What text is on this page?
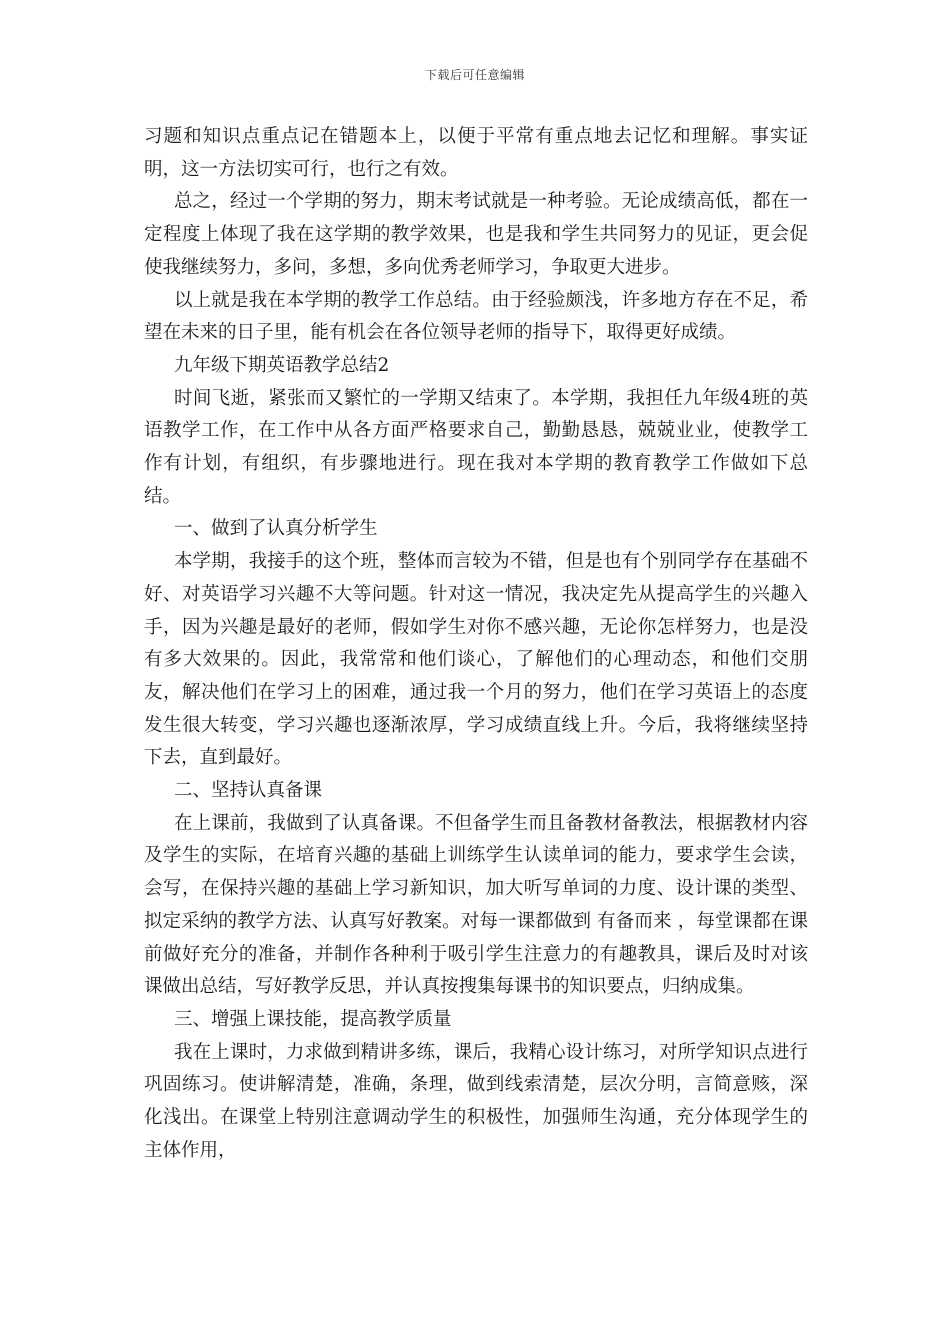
下载后可任意编辑

习题和知识点重点记在错题本上，以便于平常有重点地去记忆和理解。事实证明，这一方法切实可行，也行之有效。

总之，经过一个学期的努力，期末考试就是一种考验。无论成绩高低，都在一定程度上体现了我在这学期的教学效果，也是我和学生共同努力的见证，更会促使我继续努力，多问，多想，多向优秀老师学习，争取更大进步。

以上就是我在本学期的教学工作总结。由于经验颇浅，许多地方存在不足，希望在未来的日子里，能有机会在各位领导老师的指导下，取得更好成绩。

九年级下期英语教学总结2

时间飞逝，紧张而又繁忙的一学期又结束了。本学期，我担任九年级4班的英语教学工作，在工作中从各方面严格要求自己，勤勤恳恳，兢兢业业，使教学工作有计划，有组织，有步骤地进行。现在我对本学期的教育教学工作做如下总结。

一、做到了认真分析学生

本学期，我接手的这个班，整体而言较为不错，但是也有个别同学存在基础不好、对英语学习兴趣不大等问题。针对这一情况，我决定先从提高学生的兴趣入手，因为兴趣是最好的老师，假如学生对你不感兴趣，无论你怎样努力，也是没有多大效果的。因此，我常常和他们谈心，了解他们的心理动态，和他们交朋友，解决他们在学习上的困难，通过我一个月的努力，他们在学习英语上的态度发生很大转变，学习兴趣也逐渐浓厚，学习成绩直线上升。今后，我将继续坚持下去，直到最好。

二、坚持认真备课

在上课前，我做到了认真备课。不但备学生而且备教材备教法，根据教材内容及学生的实际，在培育兴趣的基础上训练学生认读单词的能力，要求学生会读，会写，在保持兴趣的基础上学习新知识，加大听写单词的力度、设计课的类型、拟定采纳的教学方法、认真写好教案。对每一课都做到 有备而来 ，每堂课都在课前做好充分的准备，并制作各种利于吸引学生注意力的有趣教具，课后及时对该课做出总结，写好教学反思，并认真按搜集每课书的知识要点，归纳成集。

三、增强上课技能，提高教学质量

我在上课时，力求做到精讲多练，课后，我精心设计练习，对所学知识点进行巩固练习。使讲解清楚，准确，条理，做到线索清楚，层次分明，言简意赅，深化浅出。在课堂上特别注意调动学生的积极性，加强师生沟通，充分体现学生的主体作用，
